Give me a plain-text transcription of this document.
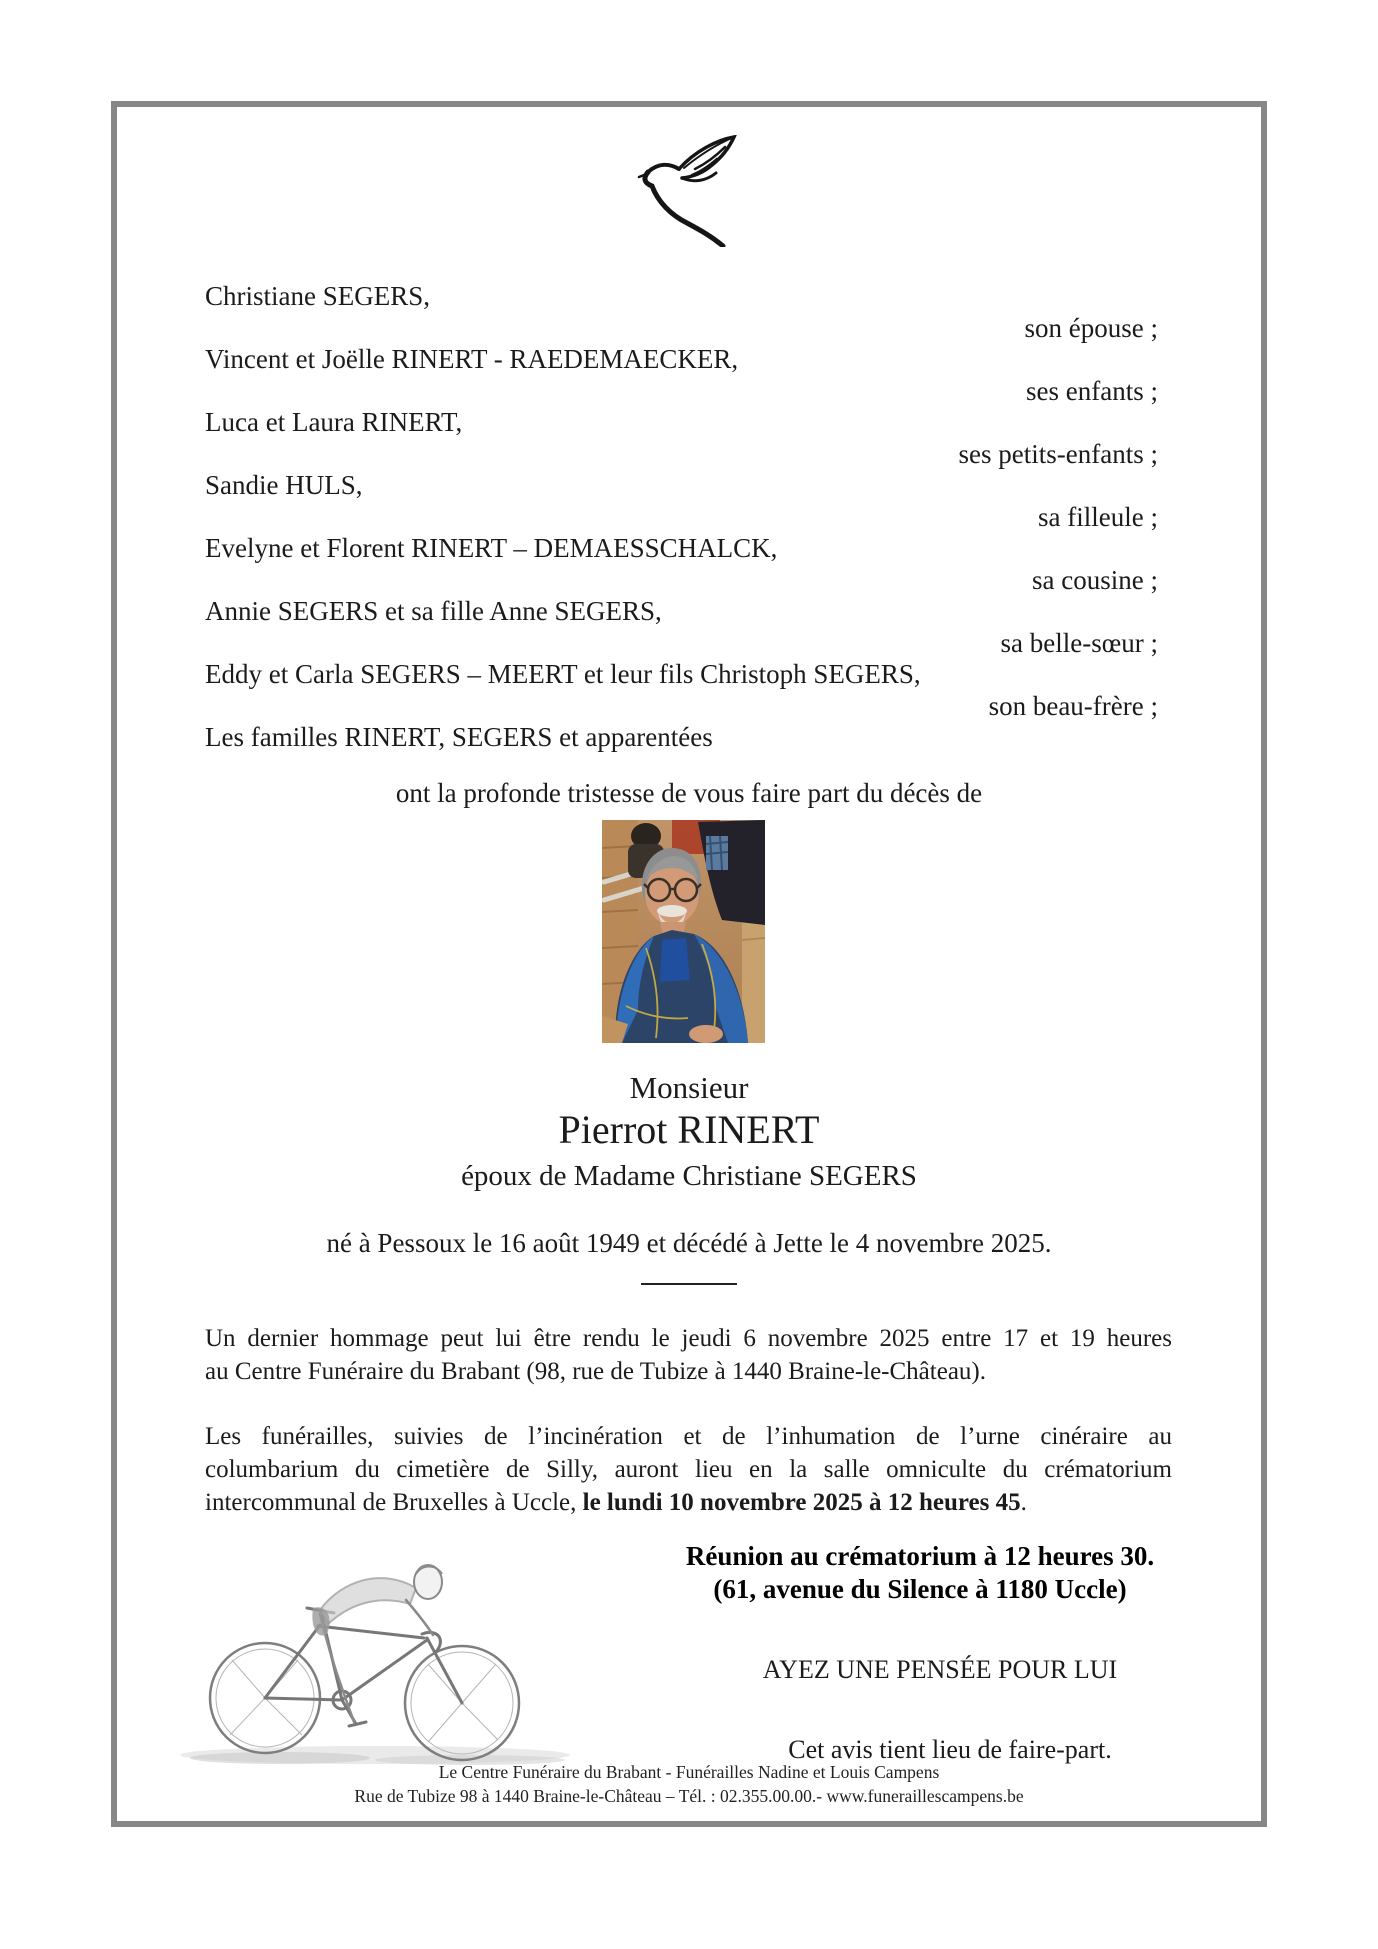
Christiane SEGERS,
son épouse ;
Vincent et Joëlle RINERT - RAEDEMAECKER,
ses enfants ;
Luca et Laura RINERT,
ses petits-enfants ;
Sandie HULS,
sa filleule ;
Evelyne et Florent RINERT – DEMAESSCHALCK,
sa cousine ;
Annie SEGERS et sa fille Anne SEGERS,
sa belle-sœur ;
Eddy et Carla SEGERS – MEERT et leur fils Christoph SEGERS,
son beau-frère ;
Les familles RINERT, SEGERS et apparentées
ont la profonde tristesse de vous faire part du décès de
Monsieur
Pierrot RINERT
époux de Madame Christiane SEGERS
né à Pessoux le 16 août 1949 et décédé à Jette le 4 novembre 2025.
Un dernier hommage peut lui être rendu le jeudi 6 novembre 2025 entre 17 et 19 heures
au Centre Funéraire du Brabant (98, rue de Tubize à 1440 Braine-le-Château).
Les funérailles, suivies de l’incinération et de l’inhumation de l’urne cinéraire au
columbarium du cimetière de Silly, auront lieu en la salle omniculte du crématorium
intercommunal de Bruxelles à Uccle, le lundi 10 novembre 2025 à 12 heures 45.
Réunion au crématorium à 12 heures 30.
(61, avenue du Silence à 1180 Uccle)
AYEZ UNE PENSÉE POUR LUI
Cet avis tient lieu de faire-part.
Le Centre Funéraire du Brabant - Funérailles Nadine et Louis Campens
Rue de Tubize 98 à 1440 Braine-le-Château – Tél. : 02.355.00.00.- www.funeraillescampens.be
